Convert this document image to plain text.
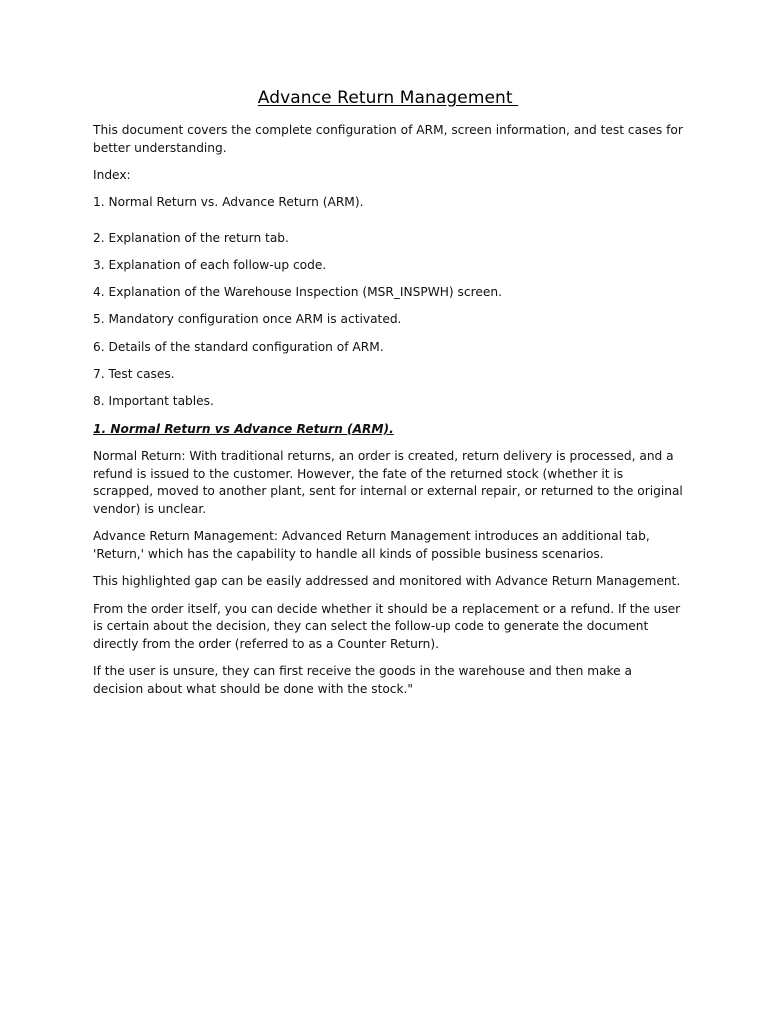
Advance Return Management

This document covers the complete configuration of ARM, screen information, and test cases for better understanding.

Index:

1. Normal Return vs. Advance Return (ARM).

2. Explanation of the return tab.

3. Explanation of each follow-up code.

4. Explanation of the Warehouse Inspection (MSR_INSPWH) screen.

5. Mandatory configuration once ARM is activated.

6. Details of the standard configuration of ARM.

7. Test cases.

8. Important tables.

1. Normal Return vs Advance Return (ARM).

Normal Return: With traditional returns, an order is created, return delivery is processed, and a refund is issued to the customer. However, the fate of the returned stock (whether it is scrapped, moved to another plant, sent for internal or external repair, or returned to the original vendor) is unclear.

Advance Return Management: Advanced Return Management introduces an additional tab, 'Return,' which has the capability to handle all kinds of possible business scenarios.

This highlighted gap can be easily addressed and monitored with Advance Return Management.

From the order itself, you can decide whether it should be a replacement or a refund. If the user is certain about the decision, they can select the follow-up code to generate the document directly from the order (referred to as a Counter Return).

If the user is unsure, they can first receive the goods in the warehouse and then make a decision about what should be done with the stock."
